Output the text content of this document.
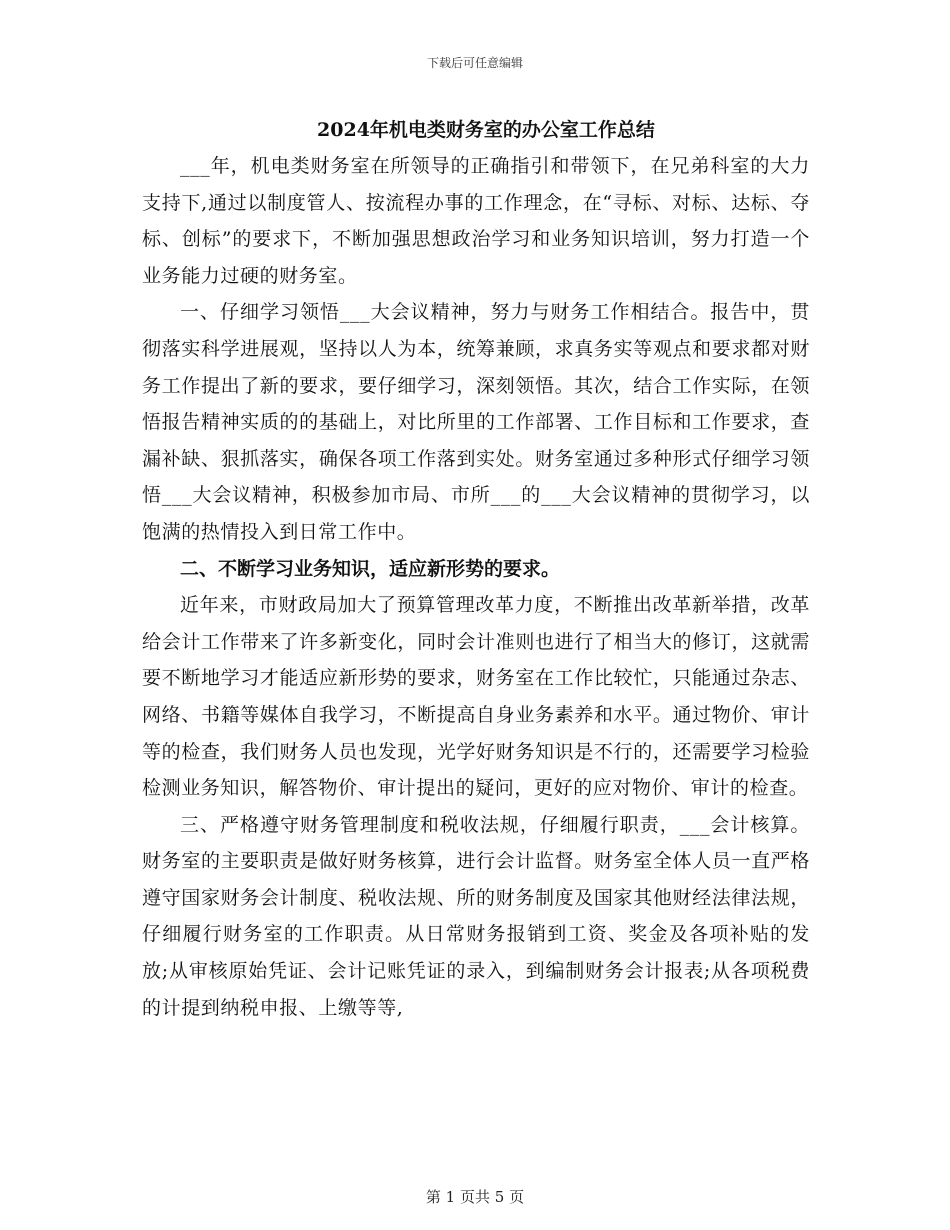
下载后可任意编辑
2024年机电类财务室的办公室工作总结

___年，机电类财务室在所领导的正确指引和带领下，在兄弟科室的大力支持下,通过以制度管人、按流程办事的工作理念，在“寻标、对标、达标、夺标、创标”的要求下，不断加强思想政治学习和业务知识培训，努力打造一个业务能力过硬的财务室。

一、仔细学习领悟___大会议精神，努力与财务工作相结合。报告中，贯彻落实科学进展观，坚持以人为本，统筹兼顾，求真务实等观点和要求都对财务工作提出了新的要求，要仔细学习，深刻领悟。其次，结合工作实际，在领悟报告精神实质的的基础上，对比所里的工作部署、工作目标和工作要求，查漏补缺、狠抓落实，确保各项工作落到实处。财务室通过多种形式仔细学习领悟___大会议精神，积极参加市局、市所___的___大会议精神的贯彻学习，以饱满的热情投入到日常工作中。

二、不断学习业务知识，适应新形势的要求。

近年来，市财政局加大了预算管理改革力度，不断推出改革新举措，改革给会计工作带来了许多新变化，同时会计准则也进行了相当大的修订，这就需要不断地学习才能适应新形势的要求，财务室在工作比较忙，只能通过杂志、网络、书籍等媒体自我学习，不断提高自身业务素养和水平。通过物价、审计等的检查，我们财务人员也发现，光学好财务知识是不行的，还需要学习检验检测业务知识，解答物价、审计提出的疑问，更好的应对物价、审计的检查。

三、严格遵守财务管理制度和税收法规，仔细履行职责，___会计核算。财务室的主要职责是做好财务核算，进行会计监督。财务室全体人员一直严格遵守国家财务会计制度、税收法规、所的财务制度及国家其他财经法律法规，仔细履行财务室的工作职责。从日常财务报销到工资、奖金及各项补贴的发放;从审核原始凭证、会计记账凭证的录入，到编制财务会计报表;从各项税费的计提到纳税申报、上缴等等,

第 1 页共 5 页
